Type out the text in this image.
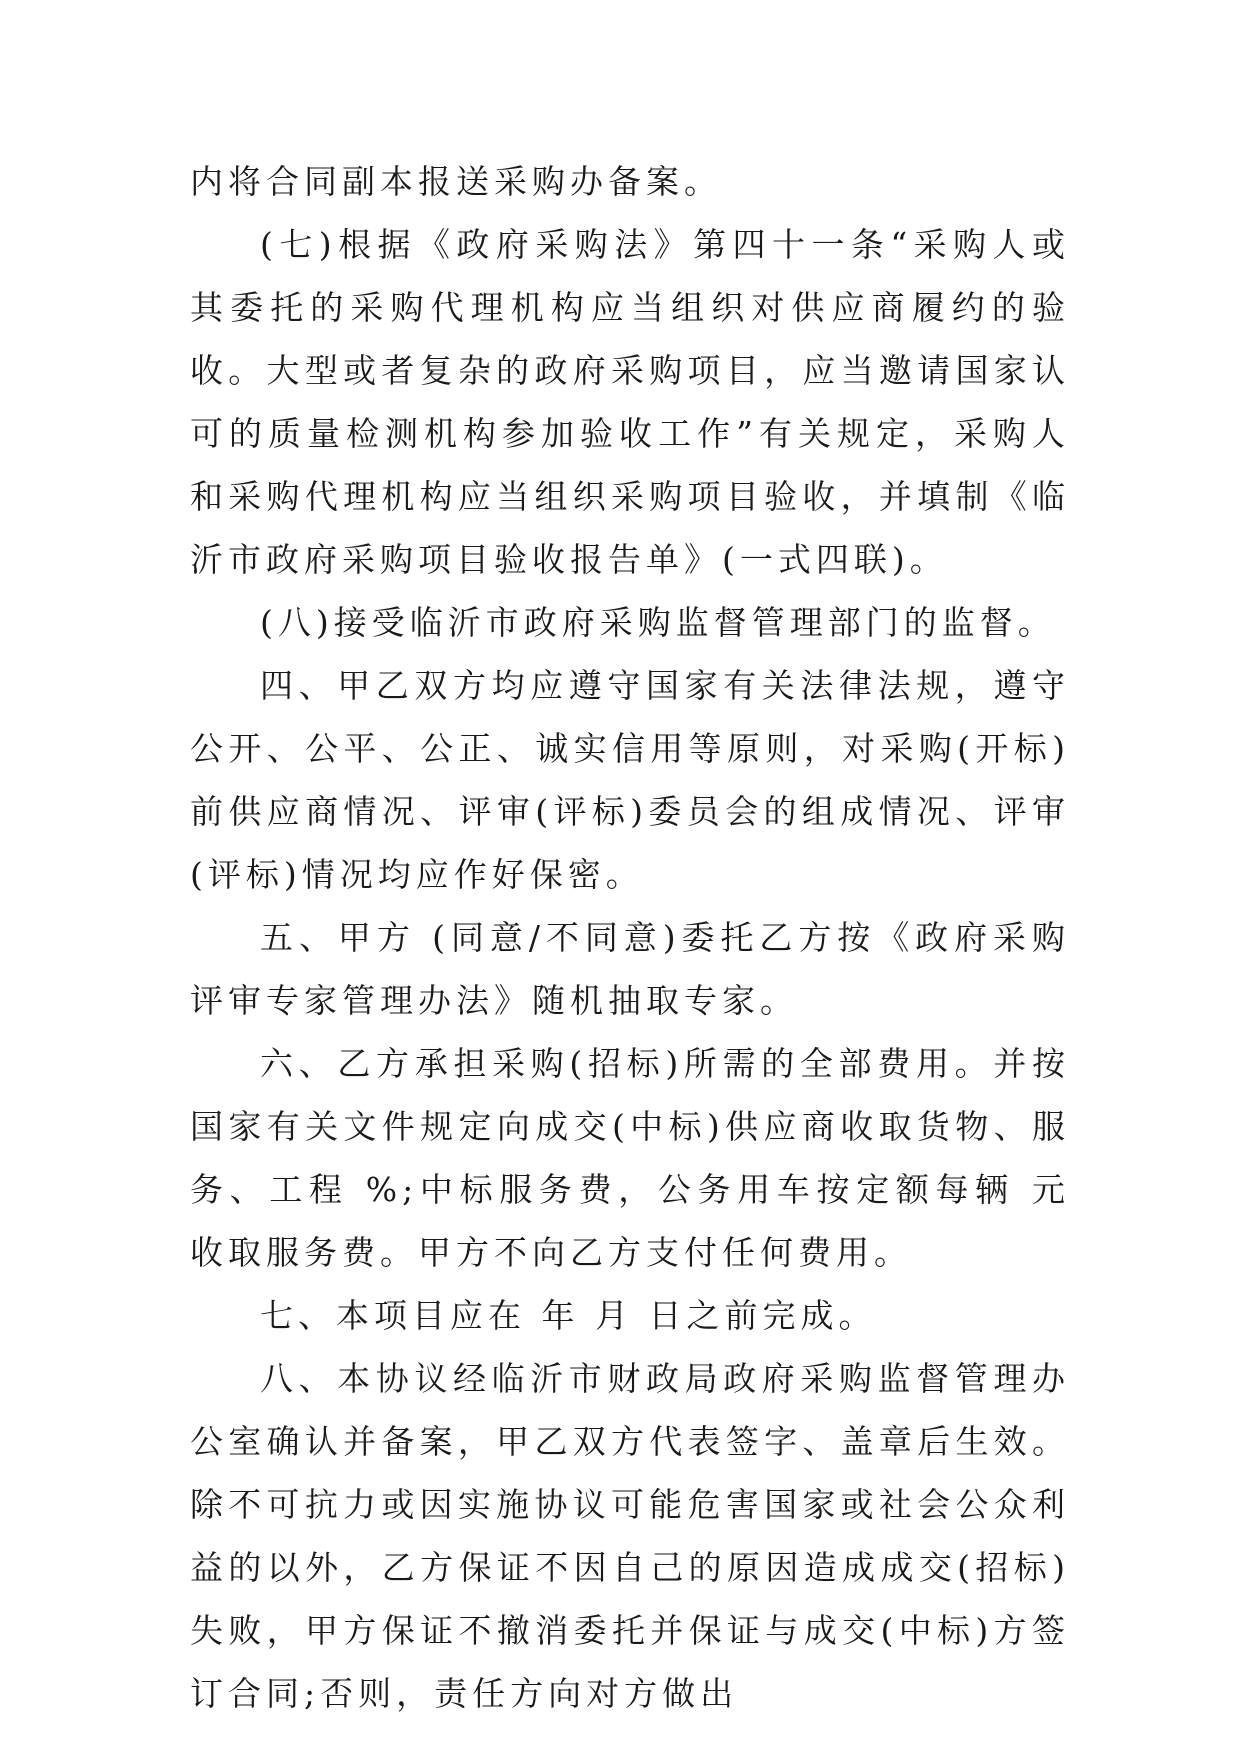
内将合同副本报送采购办备案。

(七)根据《政府采购法》第四十一条“采购人或其委托的采购代理机构应当组织对供应商履约的验收。大型或者复杂的政府采购项目，应当邀请国家认可的质量检测机构参加验收工作”有关规定，采购人和采购代理机构应当组织采购项目验收，并填制《临沂市政府采购项目验收报告单》(一式四联)。

(八)接受临沂市政府采购监督管理部门的监督。

四、甲乙双方均应遵守国家有关法律法规，遵守公开、公平、公正、诚实信用等原则，对采购(开标)前供应商情况、评审(评标)委员会的组成情况、评审(评标)情况均应作好保密。

五、甲方 (同意/不同意)委托乙方按《政府采购评审专家管理办法》随机抽取专家。

六、乙方承担采购(招标)所需的全部费用。并按国家有关文件规定向成交(中标)供应商收取货物、服务、工程 %;中标服务费，公务用车按定额每辆 元收取服务费。甲方不向乙方支付任何费用。

七、本项目应在 年 月 日之前完成。

八、本协议经临沂市财政局政府采购监督管理办公室确认并备案，甲乙双方代表签字、盖章后生效。除不可抗力或因实施协议可能危害国家或社会公众利益的以外，乙方保证不因自己的原因造成成交(招标)失败，甲方保证不撤消委托并保证与成交(中标)方签订合同;否则，责任方向对方做出
